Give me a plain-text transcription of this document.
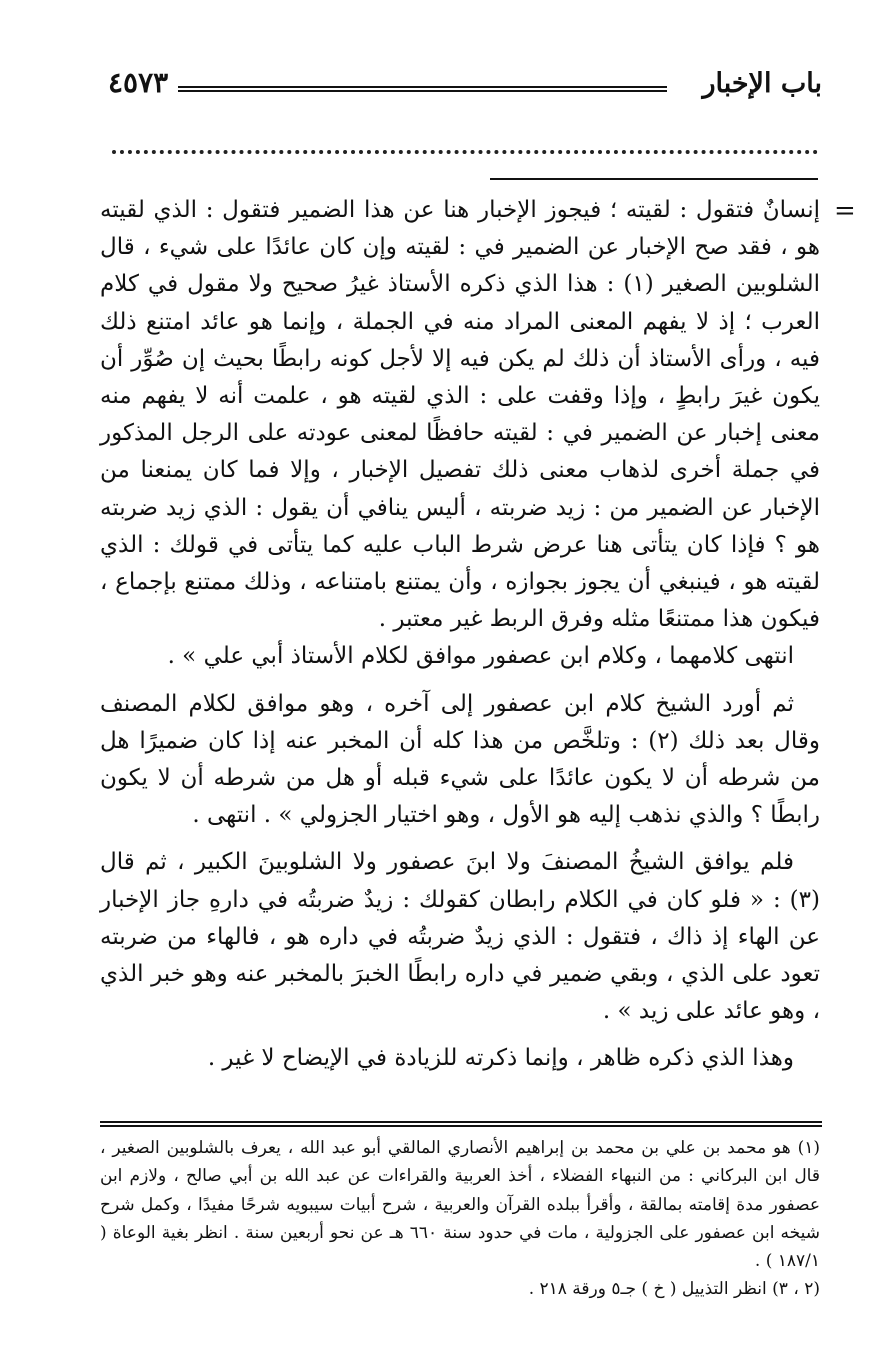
باب الإخبار
٤٥٧٣
=

إنسانٌ فتقول : لقيته ؛ فيجوز الإخبار هنا عن هذا الضمير فتقول : الذي لقيته هو ، فقد صح الإخبار عن الضمير في : لقيته وإن كان عائدًا على شيء ، قال الشلوبين الصغير (١) : هذا الذي ذكره الأستاذ غيرُ صحيح ولا مقول في كلام العرب ؛ إذ لا يفهم المعنى المراد منه في الجملة ، وإنما هو عائد امتنع ذلك فيه ، ورأى الأستاذ أن ذلك لم يكن فيه إلا لأجل كونه رابطًا بحيث إن صُوِّر أن يكون غيرَ رابطٍ ، وإذا وقفت على : الذي لقيته هو ، علمت أنه لا يفهم منه معنى إخبار عن الضمير في : لقيته حافظًا لمعنى عودته على الرجل المذكور في جملة أخرى لذهاب معنى ذلك تفصيل الإخبار ، وإلا فما كان يمنعنا من الإخبار عن الضمير من : زيد ضربته ، أليس ينافي أن يقول : الذي زيد ضربته هو ؟ فإذا كان يتأتى هنا عرض شرط الباب عليه كما يتأتى في قولك : الذي لقيته هو ، فينبغي أن يجوز بجوازه ، وأن يمتنع بامتناعه ، وذلك ممتنع بإجماع ، فيكون هذا ممتنعًا مثله وفرق الربط غير معتبر .

انتهى كلامهما ، وكلام ابن عصفور موافق لكلام الأستاذ أبي علي » .

ثم أورد الشيخ كلام ابن عصفور إلى آخره ، وهو موافق لكلام المصنف وقال بعد ذلك (٢) : وتلخَّص من هذا كله أن المخبر عنه إذا كان ضميرًا هل من شرطه أن لا يكون عائدًا على شيء قبله أو هل من شرطه أن لا يكون رابطًا ؟ والذي نذهب إليه هو الأول ، وهو اختيار الجزولي » . انتهى .

فلم يوافق الشيخُ المصنفَ ولا ابنَ عصفور ولا الشلوبينَ الكبير ، ثم قال (٣) : « فلو كان في الكلام رابطان كقولك : زيدٌ ضربتُه في دارهِ جاز الإخبار عن الهاء إذ ذاك ، فتقول : الذي زيدٌ ضربتُه في داره هو ، فالهاء من ضربته تعود على الذي ، وبقي ضمير في داره رابطًا الخبرَ بالمخبر عنه وهو خبر الذي ، وهو عائد على زيد » .

وهذا الذي ذكره ظاهر ، وإنما ذكرته للزيادة في الإيضاح لا غير .

(١) هو محمد بن علي بن محمد بن إبراهيم الأنصاري المالقي أبو عبد الله ، يعرف بالشلوبين الصغير ، قال ابن البركاني : من النبهاء الفضلاء ، أخذ العربية والقراءات عن عبد الله بن أبي صالح ، ولازم ابن عصفور مدة إقامته بمالقة ، وأقرأ ببلده القرآن والعربية ، شرح أبيات سيبويه شرحًا مفيدًا ، وكمل شرح شيخه ابن عصفور على الجزولية ، مات في حدود سنة ٦٦٠ هـ عن نحو أربعين سنة . انظر بغية الوعاة ( ١٨٧/١ ) .

(٢ ، ٣) انظر التذييل ( خ ) جـ٥ ورقة ٢١٨ .
